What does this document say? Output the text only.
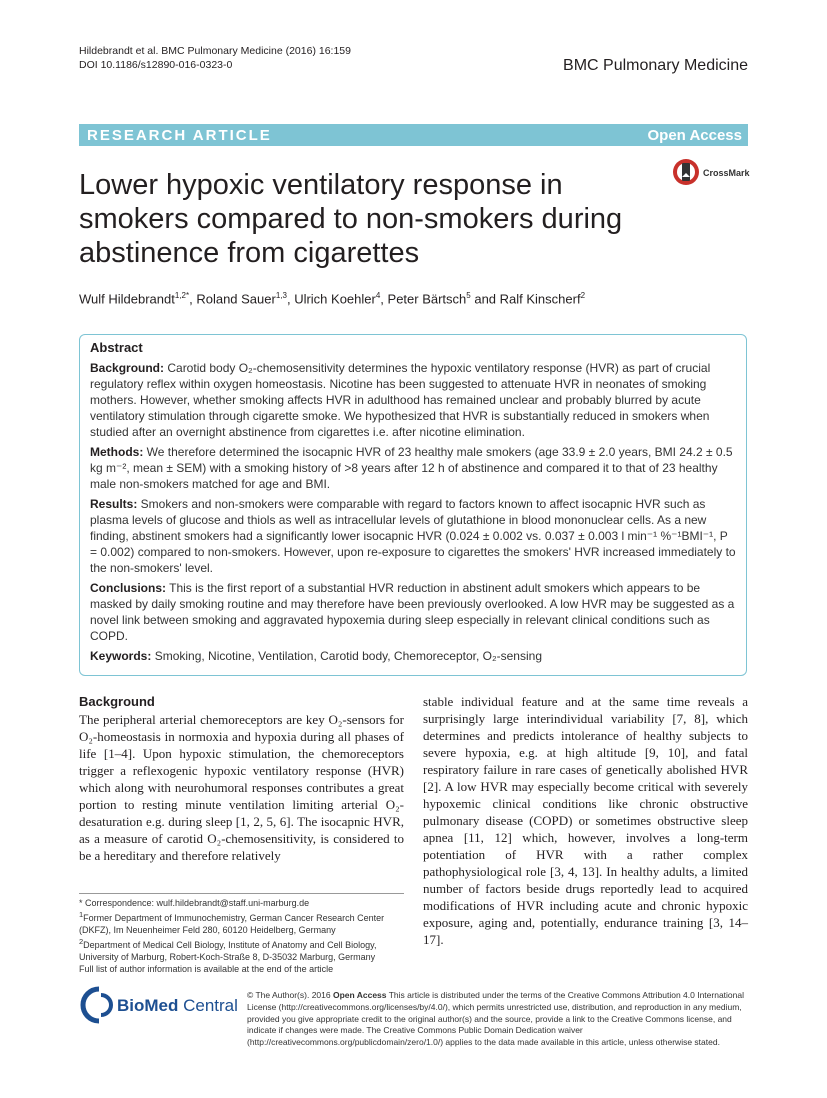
Hildebrandt et al. BMC Pulmonary Medicine (2016) 16:159
DOI 10.1186/s12890-016-0323-0	BMC Pulmonary Medicine
RESEARCH ARTICLE	Open Access
CrossMark
Lower hypoxic ventilatory response in smokers compared to non-smokers during abstinence from cigarettes
Wulf Hildebrandt$^{1,2*}$, Roland Sauer$^{1,3}$, Ulrich Koehler$^4$, Peter Bärtsch$^5$ and Ralf Kinscherf$^2$
Abstract

Background: Carotid body O₂-chemosensitivity determines the hypoxic ventilatory response (HVR) as part of crucial regulatory reflex within oxygen homeostasis. Nicotine has been suggested to attenuate HVR in neonates of smoking mothers. However, whether smoking affects HVR in adulthood has remained unclear and probably blurred by acute ventilatory stimulation through cigarette smoke. We hypothesized that HVR is substantially reduced in smokers when studied after an overnight abstinence from cigarettes i.e. after nicotine elimination.

Methods: We therefore determined the isocapnic HVR of 23 healthy male smokers (age 33.9 ± 2.0 years, BMI 24.2 ± 0.5 kg m⁻², mean ± SEM) with a smoking history of >8 years after 12 h of abstinence and compared it to that of 23 healthy male non-smokers matched for age and BMI.

Results: Smokers and non-smokers were comparable with regard to factors known to affect isocapnic HVR such as plasma levels of glucose and thiols as well as intracellular levels of glutathione in blood mononuclear cells. As a new finding, abstinent smokers had a significantly lower isocapnic HVR (0.024 ± 0.002 vs. 0.037 ± 0.003 l min⁻¹ %⁻¹BMI⁻¹, P = 0.002) compared to non-smokers. However, upon re-exposure to cigarettes the smokers' HVR increased immediately to the non-smokers' level.

Conclusions: This is the first report of a substantial HVR reduction in abstinent adult smokers which appears to be masked by daily smoking routine and may therefore have been previously overlooked. A low HVR may be suggested as a novel link between smoking and aggravated hypoxemia during sleep especially in relevant clinical conditions such as COPD.

Keywords: Smoking, Nicotine, Ventilation, Carotid body, Chemoreceptor, O₂-sensing

Background

The peripheral arterial chemoreceptors are key O₂-sensors for O₂-homeostasis in normoxia and hypoxia during all phases of life [1–4]. Upon hypoxic stimulation, the chemoreceptors trigger a reflexogenic hypoxic ventilatory response (HVR) which along with neurohumoral responses contributes a great portion to resting minute ventilation limiting arterial O₂-desaturation e.g. during sleep [1, 2, 5, 6]. The isocapnic HVR, as a measure of carotid O₂-chemosensitivity, is considered to be a hereditary and therefore relatively

stable individual feature and at the same time reveals a surprisingly large interindividual variability [7, 8], which determines and predicts intolerance of healthy subjects to severe hypoxia, e.g. at high altitude [9, 10], and fatal respiratory failure in rare cases of genetically abolished HVR [2]. A low HVR may especially become critical with severely hypoxemic clinical conditions like chronic obstructive pulmonary disease (COPD) or sometimes obstructive sleep apnea [11, 12] which, however, involves a long-term potentiation of HVR with a rather complex pathophysiological role [3, 4, 13]. In healthy adults, a limited number of factors beside drugs reportedly lead to acquired modifications of HVR including acute and chronic hypoxic exposure, aging and, potentially, endurance training [3, 14–17].

* Correspondence: wulf.hildebrandt@staff.uni-marburg.de

$^1$Former Department of Immunochemistry, German Cancer Research Center (DKFZ), Im Neuenheimer Feld 280, 60120 Heidelberg, Germany

$^2$Department of Medical Cell Biology, Institute of Anatomy and Cell Biology, University of Marburg, Robert-Koch-Straße 8, D-35032 Marburg, Germany

Full list of author information is available at the end of the article

BioMed Central
© The Author(s). 2016 Open Access This article is distributed under the terms of the Creative Commons Attribution 4.0 International License (http://creativecommons.org/licenses/by/4.0/), which permits unrestricted use, distribution, and reproduction in any medium, provided you give appropriate credit to the original author(s) and the source, provide a link to the Creative Commons license, and indicate if changes were made. The Creative Commons Public Domain Dedication waiver (http://creativecommons.org/publicdomain/zero/1.0/) applies to the data made available in this article, unless otherwise stated.
